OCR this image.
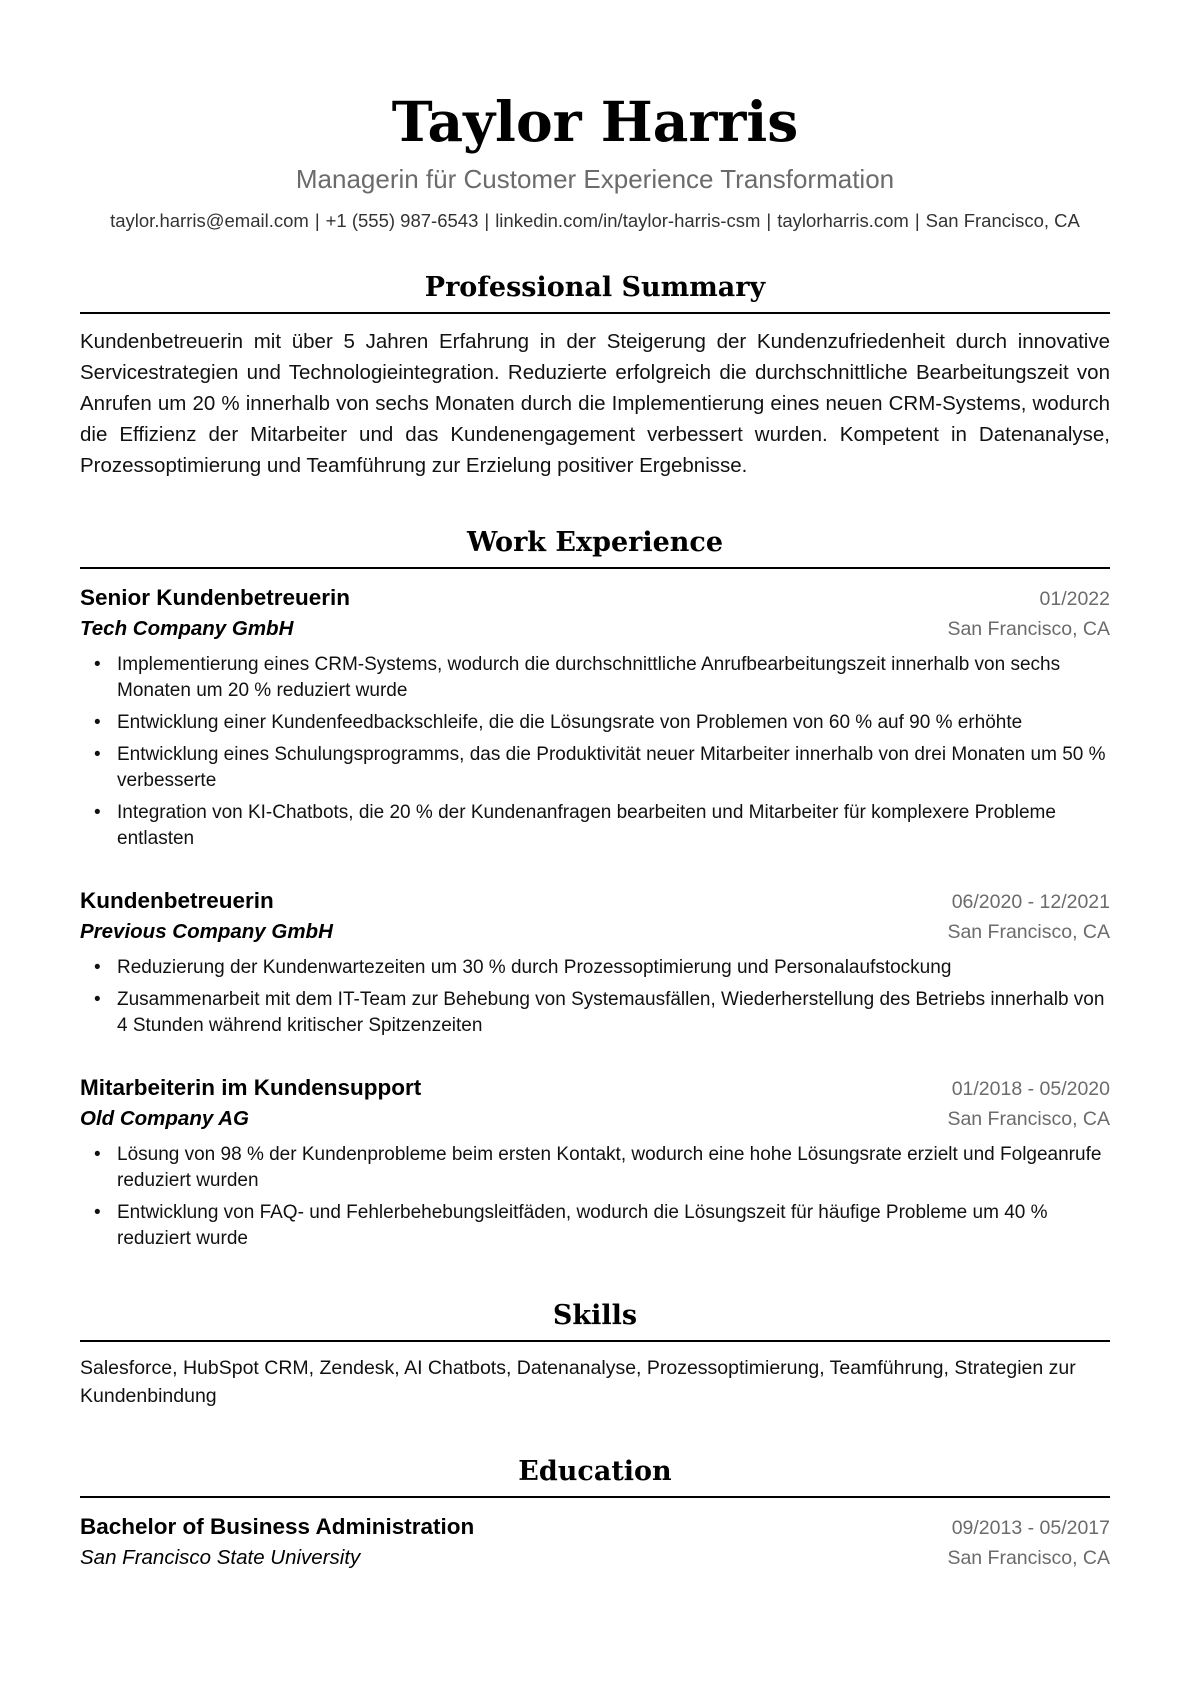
Taylor Harris
Managerin für Customer Experience Transformation
taylor.harris@email.com | +1 (555) 987-6543 | linkedin.com/in/taylor-harris-csm | taylorharris.com | San Francisco, CA
Professional Summary

Kundenbetreuerin mit über 5 Jahren Erfahrung in der Steigerung der Kundenzufriedenheit durch innovative Servicestrategien und Technologieintegration. Reduzierte erfolgreich die durchschnittliche Bearbeitungszeit von Anrufen um 20 % innerhalb von sechs Monaten durch die Implementierung eines neuen CRM-Systems, wodurch die Effizienz der Mitarbeiter und das Kundenengagement verbessert wurden. Kompetent in Datenanalyse, Prozessoptimierung und Teamführung zur Erzielung positiver Ergebnisse.

Work Experience
Senior Kundenbetreuerin	01/2022
Tech Company GmbH	San Francisco, CA
• Implementierung eines CRM-Systems, wodurch die durchschnittliche Anrufbearbeitungszeit innerhalb von sechs Monaten um 20 % reduziert wurde
• Entwicklung einer Kundenfeedbackschleife, die die Lösungsrate von Problemen von 60 % auf 90 % erhöhte
• Entwicklung eines Schulungsprogramms, das die Produktivität neuer Mitarbeiter innerhalb von drei Monaten um 50 % verbesserte
• Integration von KI-Chatbots, die 20 % der Kundenanfragen bearbeiten und Mitarbeiter für komplexere Probleme entlasten
Kundenbetreuerin	06/2020 - 12/2021
Previous Company GmbH	San Francisco, CA
• Reduzierung der Kundenwartezeiten um 30 % durch Prozessoptimierung und Personalaufstockung
• Zusammenarbeit mit dem IT-Team zur Behebung von Systemausfällen, Wiederherstellung des Betriebs innerhalb von 4 Stunden während kritischer Spitzenzeiten
Mitarbeiterin im Kundensupport	01/2018 - 05/2020
Old Company AG	San Francisco, CA
• Lösung von 98 % der Kundenprobleme beim ersten Kontakt, wodurch eine hohe Lösungsrate erzielt und Folgeanrufe reduziert wurden
• Entwicklung von FAQ- und Fehlerbehebungsleitfäden, wodurch die Lösungszeit für häufige Probleme um 40 % reduziert wurde
Skills

Salesforce, HubSpot CRM, Zendesk, AI Chatbots, Datenanalyse, Prozessoptimierung, Teamführung, Strategien zur Kundenbindung

Education
Bachelor of Business Administration	09/2013 - 05/2017
San Francisco State University	San Francisco, CA
